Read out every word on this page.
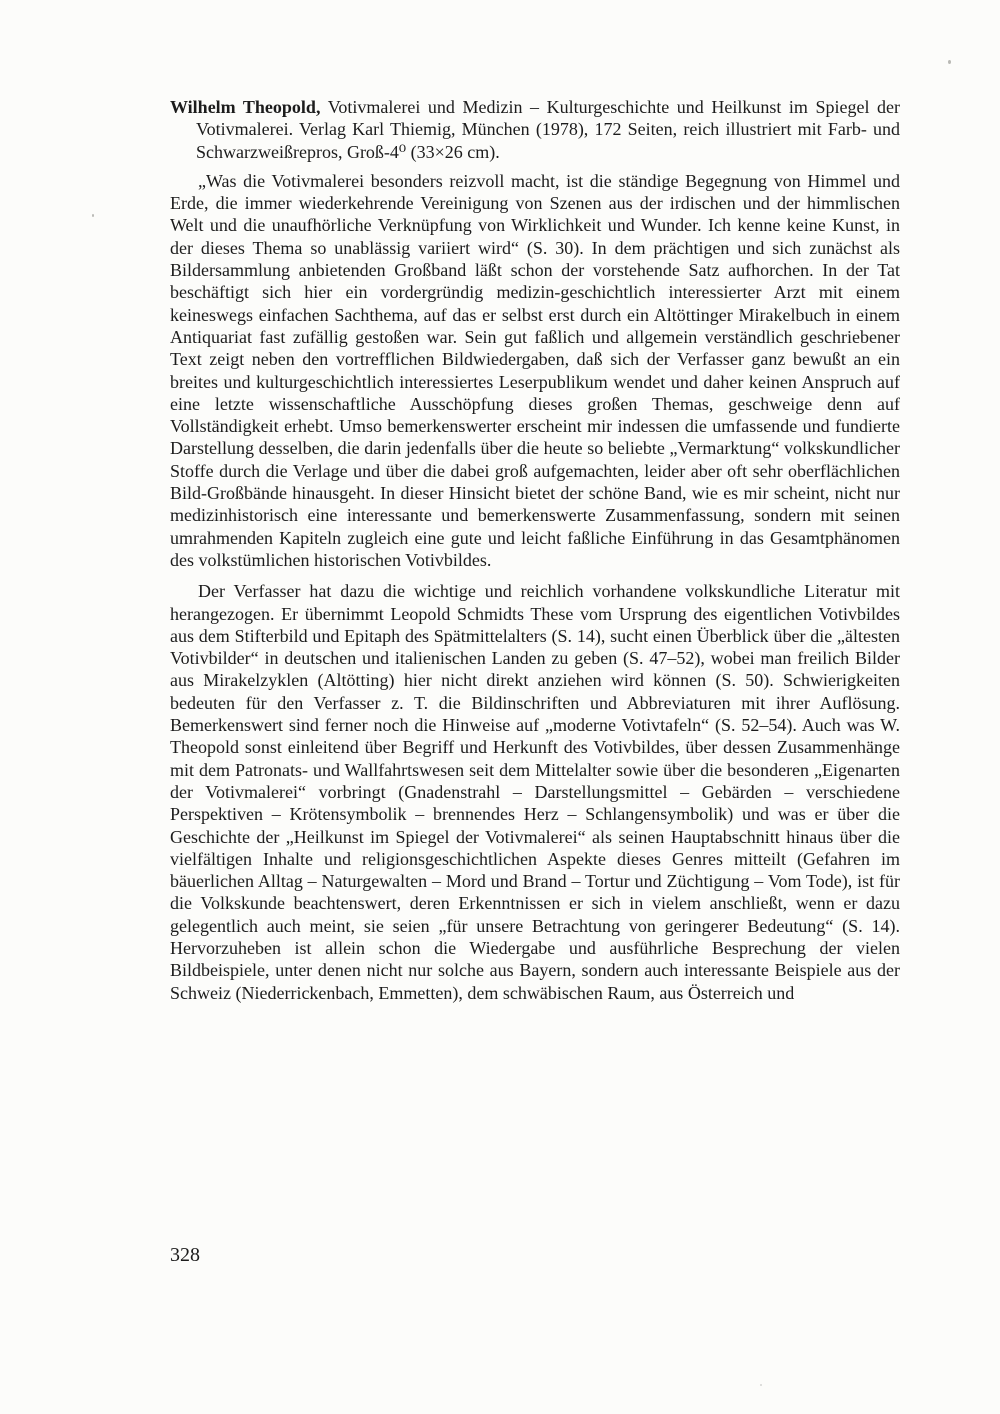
Wilhelm Theopold, Votivmalerei und Medizin – Kulturgeschichte und Heilkunst im Spiegel der Votivmalerei. Verlag Karl Thiemig, München (1978), 172 Seiten, reich illustriert mit Farb- und Schwarzweißrepros, Groß-4⁰ (33×26 cm).

„Was die Votivmalerei besonders reizvoll macht, ist die ständige Begegnung von Himmel und Erde, die immer wiederkehrende Vereinigung von Szenen aus der irdischen und der himmlischen Welt und die unaufhörliche Verknüpfung von Wirklichkeit und Wunder. Ich kenne keine Kunst, in der dieses Thema so unablässig variiert wird“ (S. 30). In dem prächtigen und sich zunächst als Bildersammlung anbietenden Großband läßt schon der vorstehende Satz aufhorchen. In der Tat beschäftigt sich hier ein vordergründig medizin-geschichtlich interessierter Arzt mit einem keineswegs einfachen Sachthema, auf das er selbst erst durch ein Altöttinger Mirakelbuch in einem Antiquariat fast zufällig gestoßen war. Sein gut faßlich und allgemein verständlich geschriebener Text zeigt neben den vortrefflichen Bildwiedergaben, daß sich der Verfasser ganz bewußt an ein breites und kulturgeschichtlich interessiertes Leserpublikum wendet und daher keinen Anspruch auf eine letzte wissenschaftliche Ausschöpfung dieses großen Themas, geschweige denn auf Vollständigkeit erhebt. Umso bemerkenswerter erscheint mir indessen die umfassende und fundierte Darstellung desselben, die darin jedenfalls über die heute so beliebte „Vermarktung“ volkskundlicher Stoffe durch die Verlage und über die dabei groß aufgemachten, leider aber oft sehr oberflächlichen Bild-Großbände hinausgeht. In dieser Hinsicht bietet der schöne Band, wie es mir scheint, nicht nur medizinhistorisch eine interessante und bemerkenswerte Zusammenfassung, sondern mit seinen umrahmenden Kapiteln zugleich eine gute und leicht faßliche Einführung in das Gesamtphänomen des volkstümlichen historischen Votivbildes.

Der Verfasser hat dazu die wichtige und reichlich vorhandene volkskundliche Literatur mit herangezogen. Er übernimmt Leopold Schmidts These vom Ursprung des eigentlichen Votivbildes aus dem Stifterbild und Epitaph des Spätmittelalters (S. 14), sucht einen Überblick über die „ältesten Votivbilder“ in deutschen und italienischen Landen zu geben (S. 47–52), wobei man freilich Bilder aus Mirakelzyklen (Altötting) hier nicht direkt anziehen wird können (S. 50). Schwierigkeiten bedeuten für den Verfasser z. T. die Bildinschriften und Abbreviaturen mit ihrer Auflösung. Bemerkenswert sind ferner noch die Hinweise auf „moderne Votivtafeln“ (S. 52–54). Auch was W. Theopold sonst einleitend über Begriff und Herkunft des Votivbildes, über dessen Zusammenhänge mit dem Patronats- und Wallfahrtswesen seit dem Mittelalter sowie über die besonderen „Eigenarten der Votivmalerei“ vorbringt (Gnadenstrahl – Darstellungsmittel – Gebärden – verschiedene Perspektiven – Krötensymbolik – brennendes Herz – Schlangensymbolik) und was er über die Geschichte der „Heilkunst im Spiegel der Votivmalerei“ als seinen Hauptabschnitt hinaus über die vielfältigen Inhalte und religionsgeschichtlichen Aspekte dieses Genres mitteilt (Gefahren im bäuerlichen Alltag – Naturgewalten – Mord und Brand – Tortur und Züchtigung – Vom Tode), ist für die Volkskunde beachtenswert, deren Erkenntnissen er sich in vielem anschließt, wenn er dazu gelegentlich auch meint, sie seien „für unsere Betrachtung von geringerer Bedeutung“ (S. 14). Hervorzuheben ist allein schon die Wiedergabe und ausführliche Besprechung der vielen Bildbeispiele, unter denen nicht nur solche aus Bayern, sondern auch interessante Beispiele aus der Schweiz (Niederrickenbach, Emmetten), dem schwäbischen Raum, aus Österreich und

328
